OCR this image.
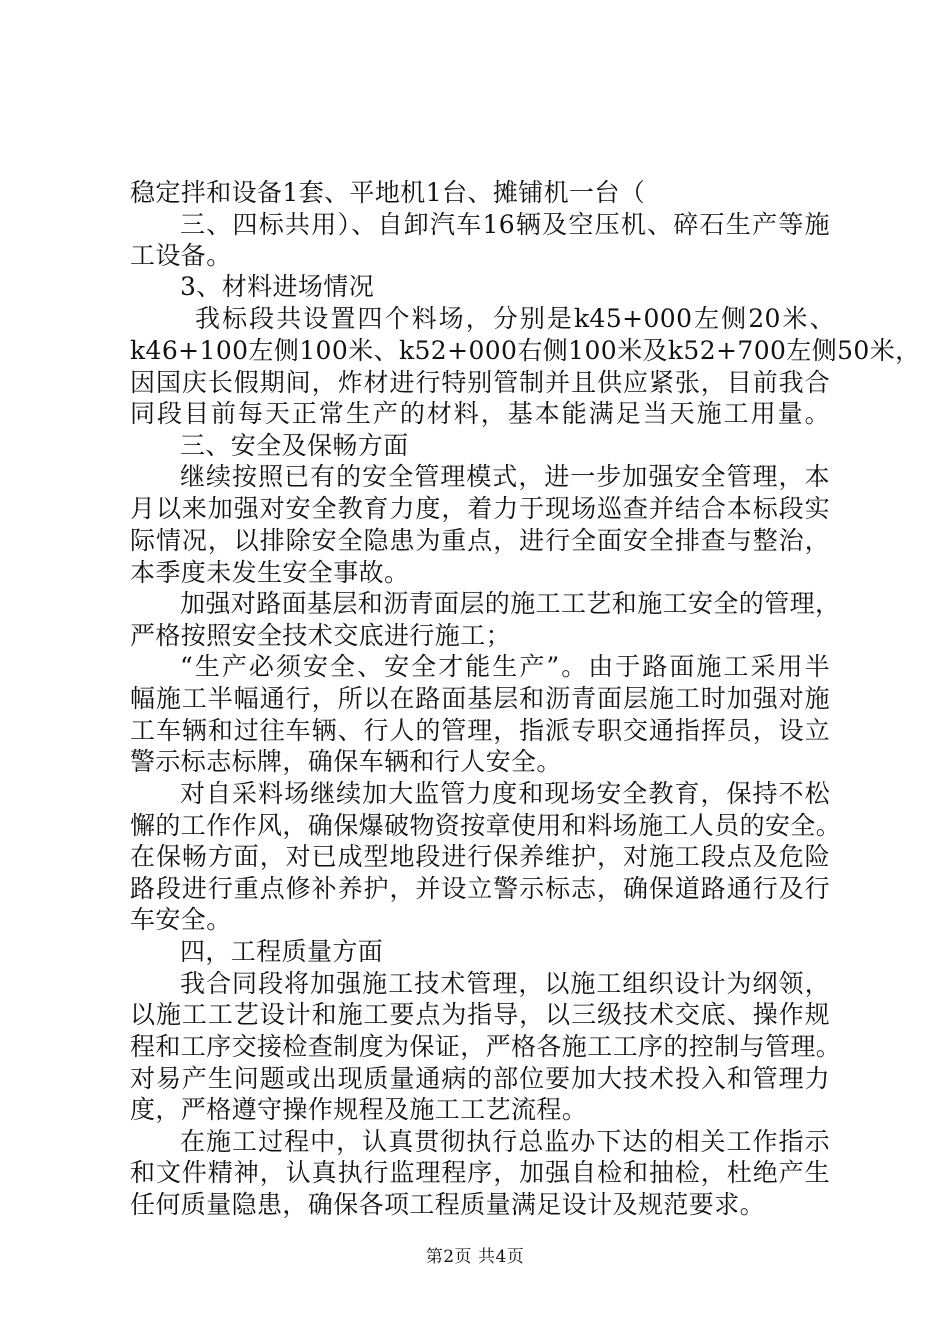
稳定拌和设备1套、平地机1台、摊铺机一台（
三、四标共用）、自卸汽车16辆及空压机、碎石生产等施
工设备。
3、材料进场情况
我标段共设置四个料场，分别是k45+000左侧20米、
k46+100左侧100米、k52+000右侧100米及k52+700左侧50米，
因国庆长假期间，炸材进行特别管制并且供应紧张，目前我合
同段目前每天正常生产的材料，基本能满足当天施工用量。
三、安全及保畅方面
继续按照已有的安全管理模式，进一步加强安全管理，本
月以来加强对安全教育力度，着力于现场巡查并结合本标段实
际情况，以排除安全隐患为重点，进行全面安全排查与整治，
本季度未发生安全事故。
加强对路面基层和沥青面层的施工工艺和施工安全的管理，
严格按照安全技术交底进行施工；
“生产必须安全、安全才能生产”。由于路面施工采用半
幅施工半幅通行，所以在路面基层和沥青面层施工时加强对施
工车辆和过往车辆、行人的管理，指派专职交通指挥员，设立
警示标志标牌，确保车辆和行人安全。
对自采料场继续加大监管力度和现场安全教育，保持不松
懈的工作作风，确保爆破物资按章使用和料场施工人员的安全。
在保畅方面，对已成型地段进行保养维护，对施工段点及危险
路段进行重点修补养护，并设立警示标志，确保道路通行及行
车安全。
四，工程质量方面
我合同段将加强施工技术管理，以施工组织设计为纲领，
以施工工艺设计和施工要点为指导，以三级技术交底、操作规
程和工序交接检查制度为保证，严格各施工工序的控制与管理。
对易产生问题或出现质量通病的部位要加大技术投入和管理力
度，严格遵守操作规程及施工工艺流程。
在施工过程中，认真贯彻执行总监办下达的相关工作指示
和文件精神，认真执行监理程序，加强自检和抽检，杜绝产生
任何质量隐患，确保各项工程质量满足设计及规范要求。
第2页 共4页
